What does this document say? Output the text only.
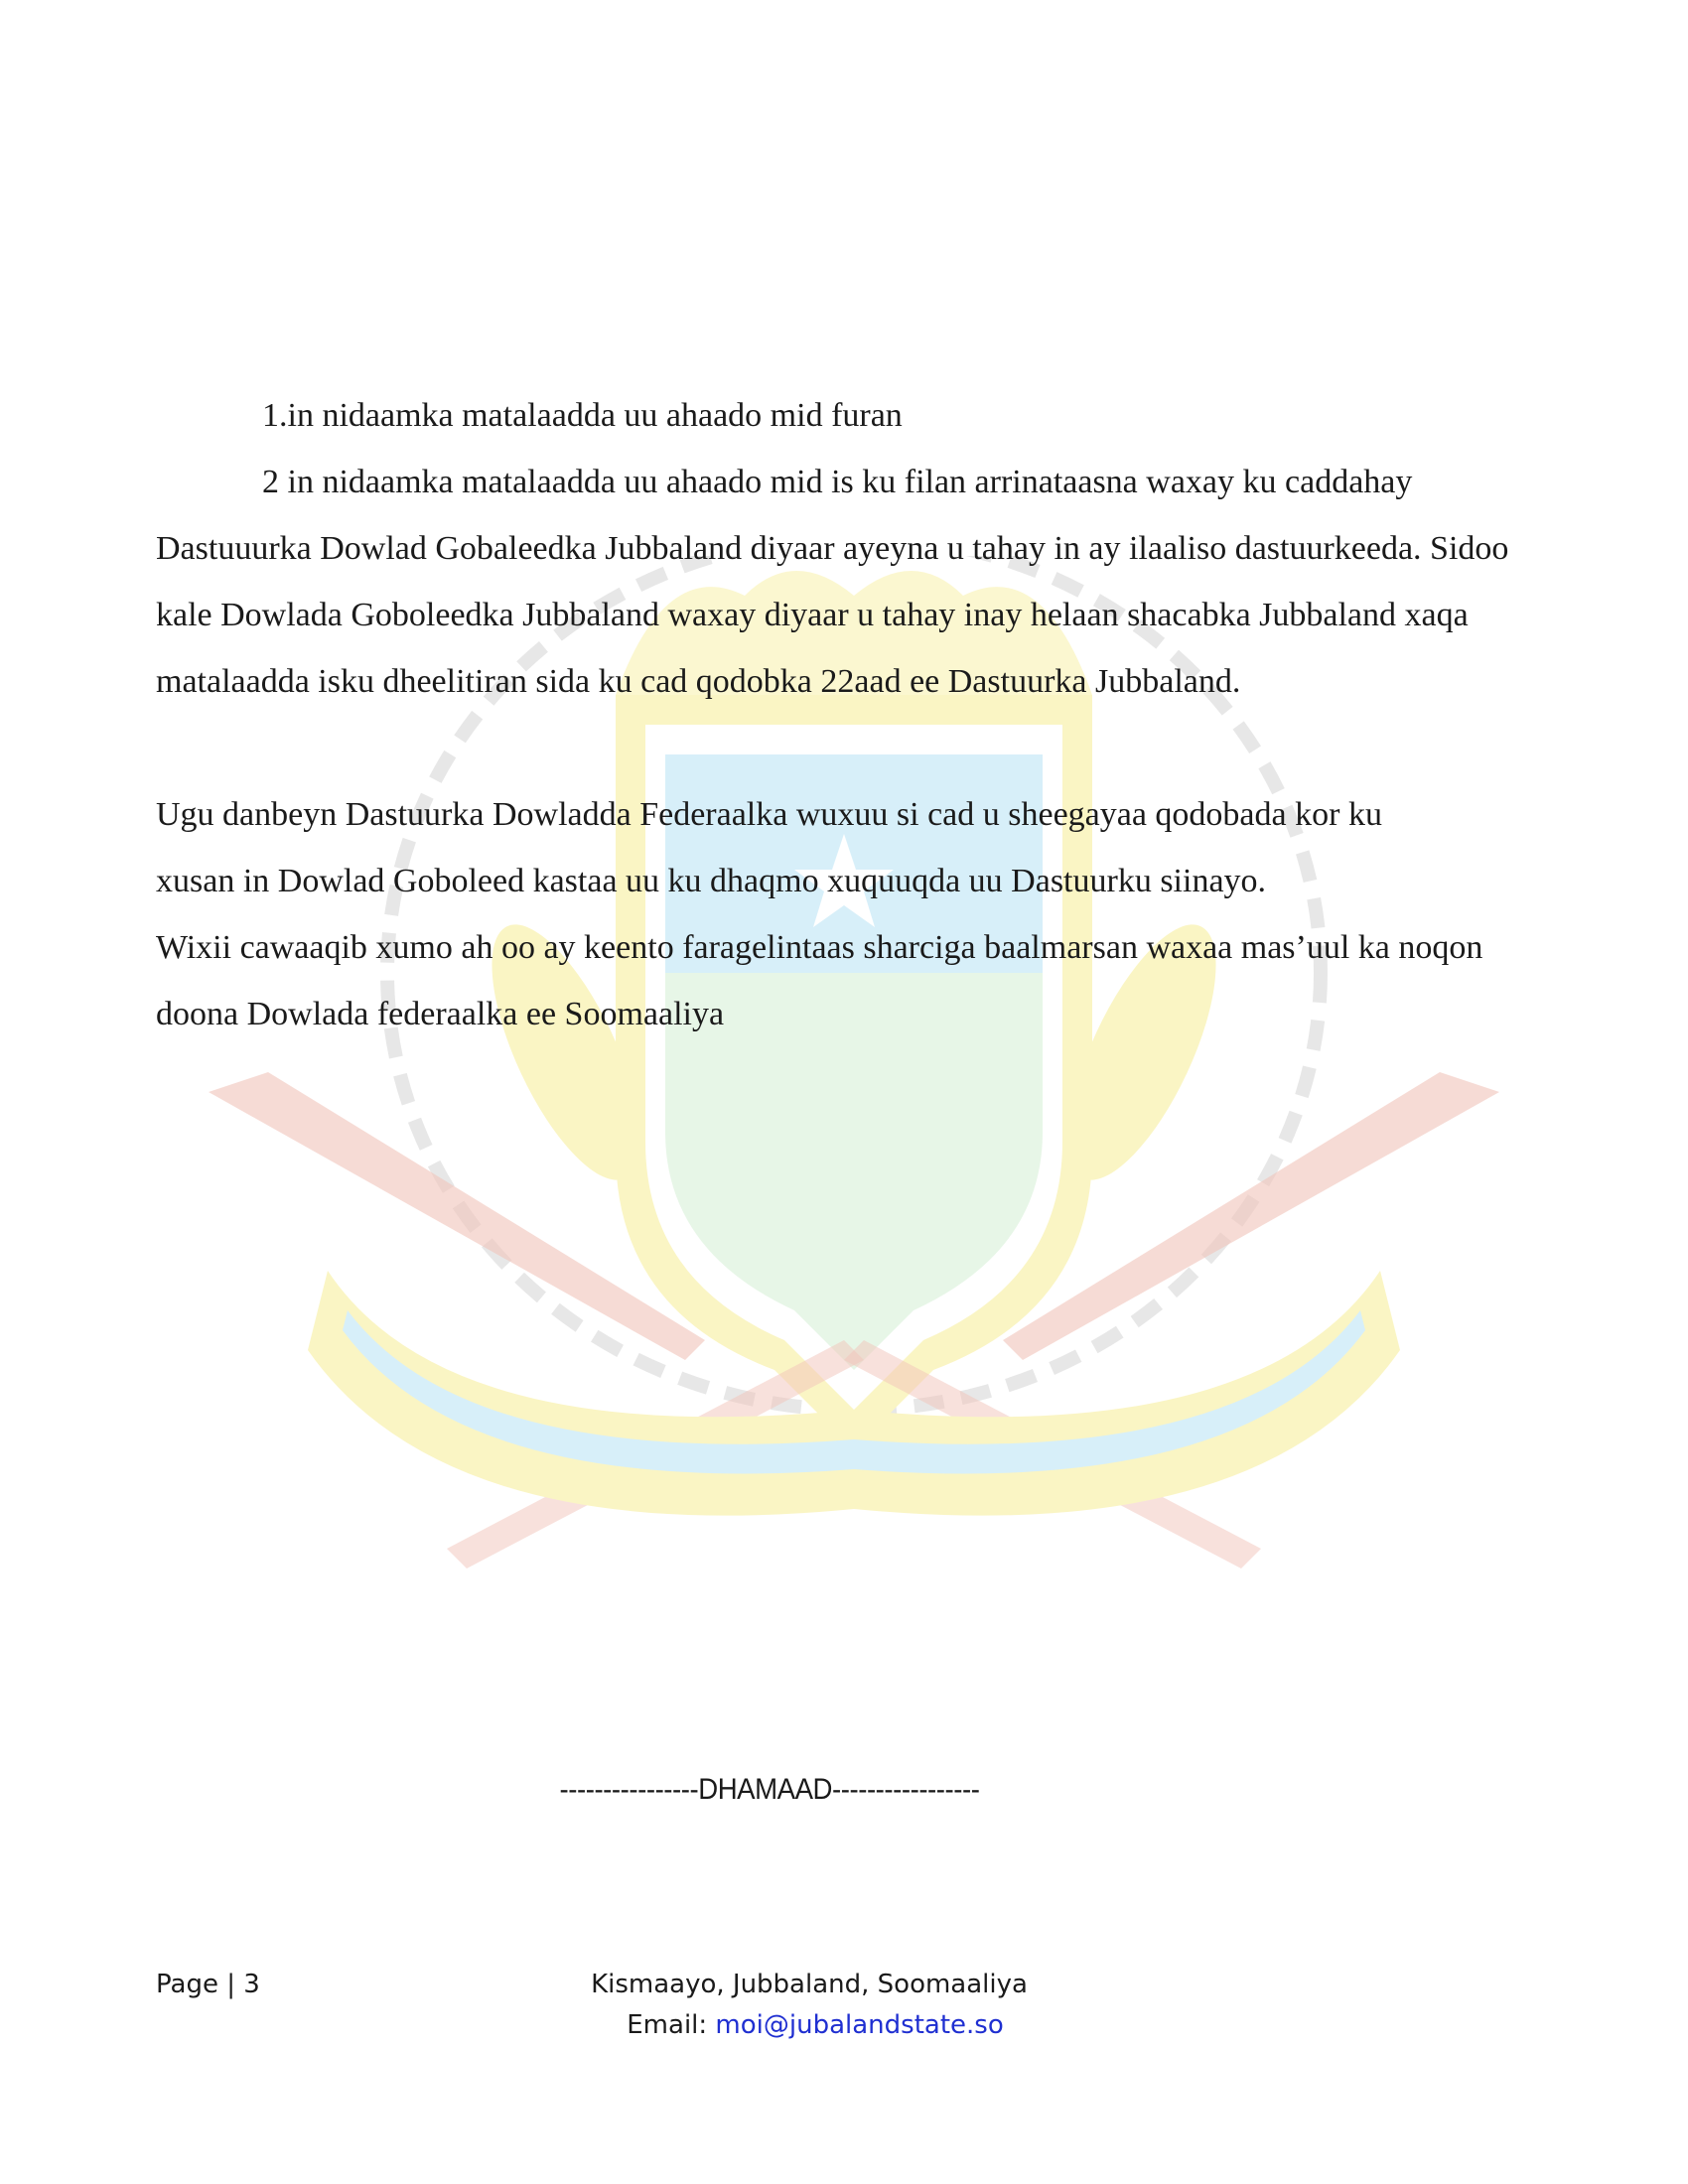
1.in nidaamka matalaadda uu ahaado mid furan

2 in nidaamka matalaadda uu ahaado mid is ku filan arrinataasna waxay ku caddahay Dastuuurka Dowlad Gobaleedka Jubbaland diyaar ayeyna u tahay in ay ilaaliso dastuurkeeda. Sidoo kale Dowlada Goboleedka Jubbaland waxay diyaar u tahay inay helaan shacabka Jubbaland xaqa matalaadda isku dheelitiran sida ku cad qodobka 22aad ee Dastuurka Jubbaland.

Ugu danbeyn Dastuurka Dowladda Federaalka wuxuu si cad u sheegayaa qodobada kor ku

xusan in Dowlad Goboleed kastaa uu ku dhaqmo xuquuqda uu Dastuurku siinayo.

Wixii cawaaqib xumo ah oo ay keento faragelintaas sharciga baalmarsan waxaa mas’uul ka noqon doona Dowlada federaalka ee Soomaaliya

----------------DHAMAAD-----------------
Page | 3	Kismaayo, Jubbaland, Soomaaliya
Email: moi@jubalandstate.so
